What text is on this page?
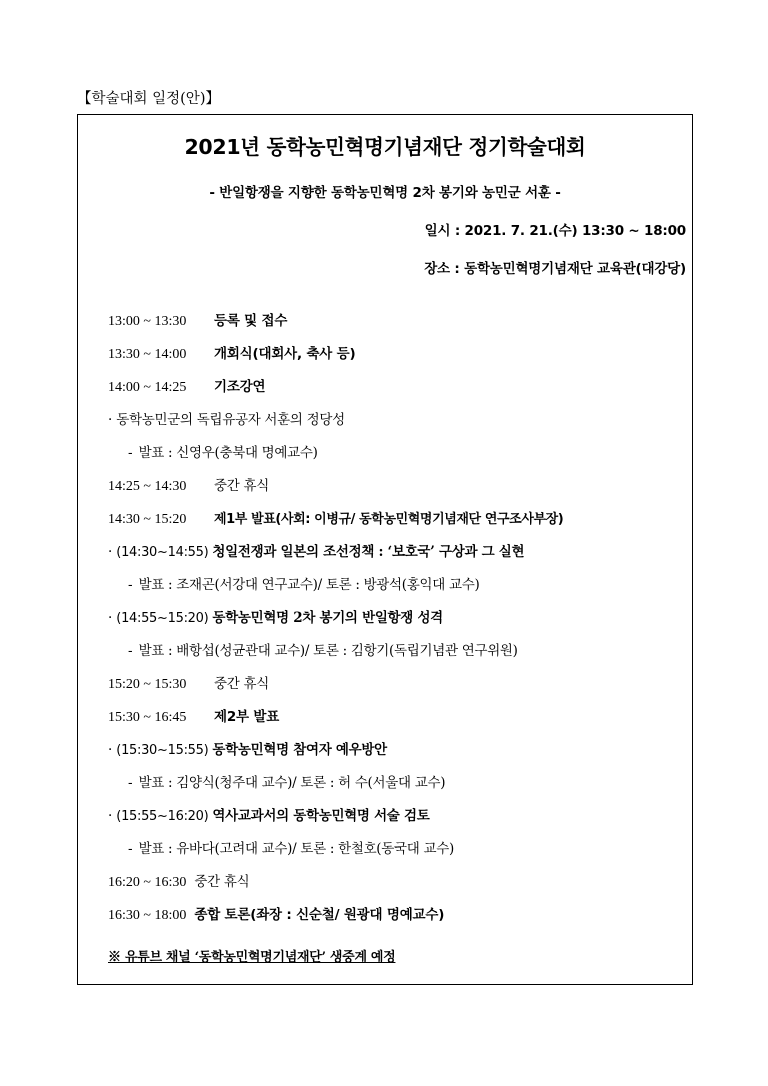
【학술대회 일정(안)】
2021년 동학농민혁명기념재단 정기학술대회
- 반일항쟁을 지향한 동학농민혁명 2차 봉기와 농민군 서훈 -
일시 : 2021. 7. 21.(수) 13:30 ~ 18:00
장소 : 동학농민혁명기념재단 교육관(대강당)
13:00 ~ 13:30 등록 및 접수
13:30 ~ 14:00 개회식(대회사, 축사 등)
14:00 ~ 14:25 기조강연
· 동학농민군의 독립유공자 서훈의 정당성
- 발표 : 신영우(충북대 명예교수)
14:25 ~ 14:30 중간 휴식
14:30 ~ 15:20 제1부 발표(사회: 이병규/ 동학농민혁명기념재단 연구조사부장)
· (14:30~14:55) 청일전쟁과 일본의 조선정책 : ‘보호국’ 구상과 그 실현
- 발표 : 조재곤(서강대 연구교수)/ 토론 : 방광석(홍익대 교수)
· (14:55~15:20) 동학농민혁명 2차 봉기의 반일항쟁 성격
- 발표 : 배항섭(성균관대 교수)/ 토론 : 김항기(독립기념관 연구위원)
15:20 ~ 15:30 중간 휴식
15:30 ~ 16:45 제2부 발표
· (15:30~15:55) 동학농민혁명 참여자 예우방안
- 발표 : 김양식(청주대 교수)/ 토론 : 허 수(서울대 교수)
· (15:55~16:20) 역사교과서의 동학농민혁명 서술 검토
- 발표 : 유바다(고려대 교수)/ 토론 : 한철호(동국대 교수)
16:20 ~ 16:30 중간 휴식
16:30 ~ 18:00 종합 토론(좌장 : 신순철/ 원광대 명예교수)
※ 유튜브 채널 ‘동학농민혁명기념재단’ 생중계 예정
